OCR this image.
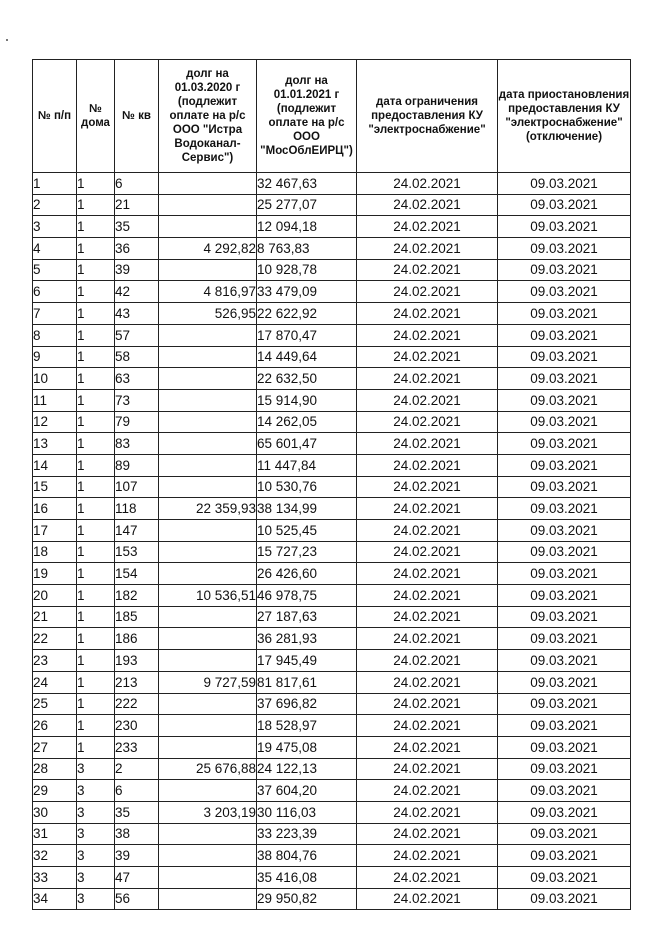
№ п/п	№ дома	№ кв	долг на 01.03.2020 г (подлежит оплате на р/с ООО "Истра Водоканал-Сервис")	долг на 01.01.2021 г (подлежит оплате на р/с ООО "МосОблЕИРЦ")	дата ограничения предоставления КУ "электроснабжение"	дата приостановления предоставления КУ "электроснабжение" (отключение)
1	1	6		32 467,63	24.02.2021	09.03.2021
2	1	21		25 277,07	24.02.2021	09.03.2021
3	1	35		12 094,18	24.02.2021	09.03.2021
4	1	36	4 292,82	8 763,83	24.02.2021	09.03.2021
5	1	39		10 928,78	24.02.2021	09.03.2021
6	1	42	4 816,97	33 479,09	24.02.2021	09.03.2021
7	1	43	526,95	22 622,92	24.02.2021	09.03.2021
8	1	57		17 870,47	24.02.2021	09.03.2021
9	1	58		14 449,64	24.02.2021	09.03.2021
10	1	63		22 632,50	24.02.2021	09.03.2021
11	1	73		15 914,90	24.02.2021	09.03.2021
12	1	79		14 262,05	24.02.2021	09.03.2021
13	1	83		65 601,47	24.02.2021	09.03.2021
14	1	89		11 447,84	24.02.2021	09.03.2021
15	1	107		10 530,76	24.02.2021	09.03.2021
16	1	118	22 359,93	38 134,99	24.02.2021	09.03.2021
17	1	147		10 525,45	24.02.2021	09.03.2021
18	1	153		15 727,23	24.02.2021	09.03.2021
19	1	154		26 426,60	24.02.2021	09.03.2021
20	1	182	10 536,51	46 978,75	24.02.2021	09.03.2021
21	1	185		27 187,63	24.02.2021	09.03.2021
22	1	186		36 281,93	24.02.2021	09.03.2021
23	1	193		17 945,49	24.02.2021	09.03.2021
24	1	213	9 727,59	81 817,61	24.02.2021	09.03.2021
25	1	222		37 696,82	24.02.2021	09.03.2021
26	1	230		18 528,97	24.02.2021	09.03.2021
27	1	233		19 475,08	24.02.2021	09.03.2021
28	3	2	25 676,88	24 122,13	24.02.2021	09.03.2021
29	3	6		37 604,20	24.02.2021	09.03.2021
30	3	35	3 203,19	30 116,03	24.02.2021	09.03.2021
31	3	38		33 223,39	24.02.2021	09.03.2021
32	3	39		38 804,76	24.02.2021	09.03.2021
33	3	47		35 416,08	24.02.2021	09.03.2021
34	3	56		29 950,82	24.02.2021	09.03.2021
